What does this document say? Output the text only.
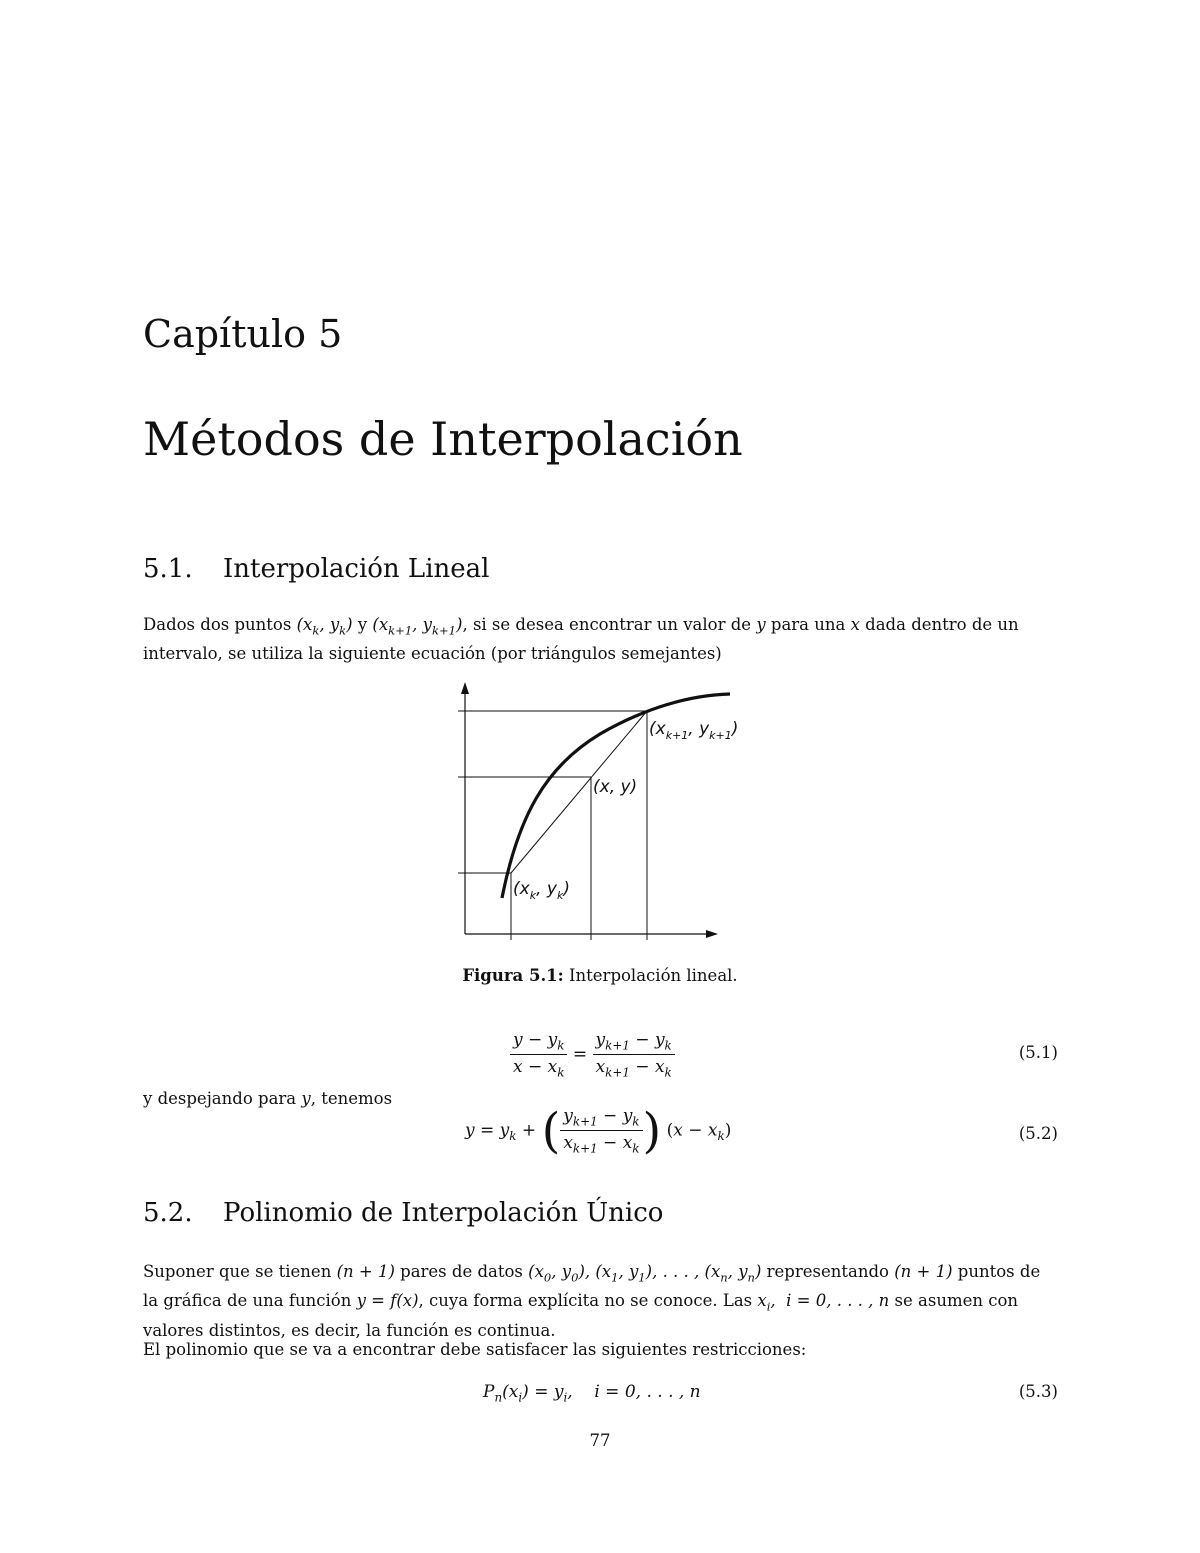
Capítulo 5
Métodos de Interpolación
5.1. Interpolación Lineal
Dados dos puntos ($x_k$, $y_k$) y ($x_{k+1}$, $y_{k+1}$), si se desea encontrar un valor de y para una x dada dentro de un
intervalo, se utiliza la siguiente ecuación (por triángulos semejantes)
($x_{k+1}$, $y_{k+1}$)
(x, y)
($x_k$, $y_k$)
Figura 5.1: Interpolación lineal.
$\frac{y - y_k}{x - x_k} = \frac{y_{k+1} - y_k}{x_{k+1} - x_k}$	(5.1)
y despejando para y, tenemos
$y = y_k$ + ( $\frac{y_{k+1} - y_k}{x_{k+1} - x_k}$ ) $(x - x_k)$	(5.2)
5.2. Polinomio de Interpolación Único
Suponer que se tienen (n + 1) pares de datos ($x_0$, $y_0$), ($x_1$, $y_1$), . . . , ($x_n$, $y_n$) representando (n + 1) puntos de
la gráfica de una función y = f(x), cuya forma explícita no se conoce. Las $x_i$,  i = 0, . . . , n se asumen con
valores distintos, es decir, la función es continua.
El polinomio que se va a encontrar debe satisfacer las siguientes restricciones:
$P_n(x_i) = y_i$,    i = 0, . . . , n	(5.3)
77
